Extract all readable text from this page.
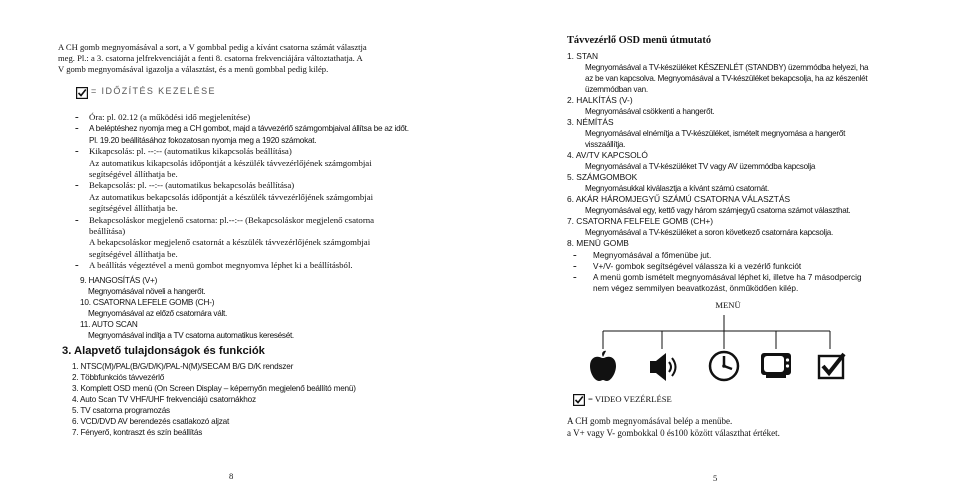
A CH gomb megnyomásával a sort, a V gombbal pedig a kívánt csatorna számát választja
meg. Pl.: a 3. csatorna jelfrekvenciáját a fenti 8. csatorna frekvenciájára változtathatja. A
V gomb megnyomásával igazolja a választást, és a menü gombbal pedig kilép.
= IDŐZÍTÉS KEZELÉSE
- Óra: pl. 02.12 (a működési idő megjelenítése)
- A beléptéshez nyomja meg a CH gombot, majd a távvezérlő számgombjaival állítsa be az időt.
Pl. 19.20 beállításához fokozatosan nyomja meg a 1920 számokat.
- Kikapcsolás: pl. --:-- (automatikus kikapcsolás beállítása)
Az automatikus kikapcsolás időpontját a készülék távvezérlőjének számgombjai
segítségével állíthatja be.
- Bekapcsolás: pl. --:-- (automatikus bekapcsolás beállítása)
Az automatikus bekapcsolás időpontját a készülék távvezérlőjének számgombjai
segítségével állíthatja be.
- Bekapcsoláskor megjelenő csatorna: pl.--:-- (Bekapcsoláskor megjelenő csatorna
beállítása)
A bekapcsoláskor megjelenő csatornát a készülék távvezérlőjének számgombjai
segítségével állíthatja be.
- A beállítás végeztével a menü gombot megnyomva léphet ki a beállításból.
9. HANGOSÍTÁS (V+)
Megnyomásával növeli a hangerőt.
10. CSATORNA LEFELE GOMB (CH-)
Megnyomásával az előző csatornára vált.
11. AUTO SCAN
Megnyomásával indítja a TV csatorna automatikus keresését.
3. Alapvető tulajdonságok és funkciók
1. NTSC(M)/PAL(B/G/D/K)/PAL-N(M)/SECAM B/G D/K rendszer
2. Többfunkciós távvezérlő
3. Komplett OSD menü (On Screen Display – képernyőn megjelenő beállító menü)
4. Auto Scan TV VHF/UHF frekvenciájú csatornákhoz
5. TV csatorna programozás
6. VCD/DVD AV berendezés csatlakozó aljzat
7. Fényerő, kontraszt és szín beállítás
8
Távvezérlő OSD menü útmutató
1. STAN
Megnyomásával a TV-készüléket KÉSZENLÉT (STANDBY) üzemmódba helyezi, ha
az be van kapcsolva. Megnyomásával a TV-készüléket bekapcsolja, ha az készenlét
üzemmódban van.
2. HALKÍTÁS (V-)
Megnyomásával csökkenti a hangerőt.
3. NÉMÍTÁS
Megnyomásával elnémítja a TV-készüléket, ismételt megnyomása a hangerőt
visszaállítja.
4. AV/TV KAPCSOLÓ
Megnyomásával a TV-készüléket TV vagy AV üzemmódba kapcsolja
5. SZÁMGOMBOK
Megnyomásukkal kiválasztja a kívánt számú csatornát.
6. AKÁR HÁROMJEGYŰ SZÁMÚ CSATORNA VÁLASZTÁS
Megnyomásával egy, kettő vagy három számjegyű csatorna számot választhat.
7. CSATORNA FELFELE GOMB (CH+)
Megnyomásával a TV-készüléket a soron következő csatornára kapcsolja.
8. MENÜ GOMB
- Megnyomásával a főmenübe jut.
- V+/V- gombok segítségével válassza ki a vezérlő funkciót
- A menü gomb ismételt megnyomásával léphet ki, illetve ha 7 másodpercig
nem végez semmilyen beavatkozást, önműködően kilép.
MENÜ
= VIDEO VEZÉRLÉSE
A CH gomb megnyomásával belép a menübe.
a V+ vagy V- gombokkal 0 és100 között választhat értéket.
5
